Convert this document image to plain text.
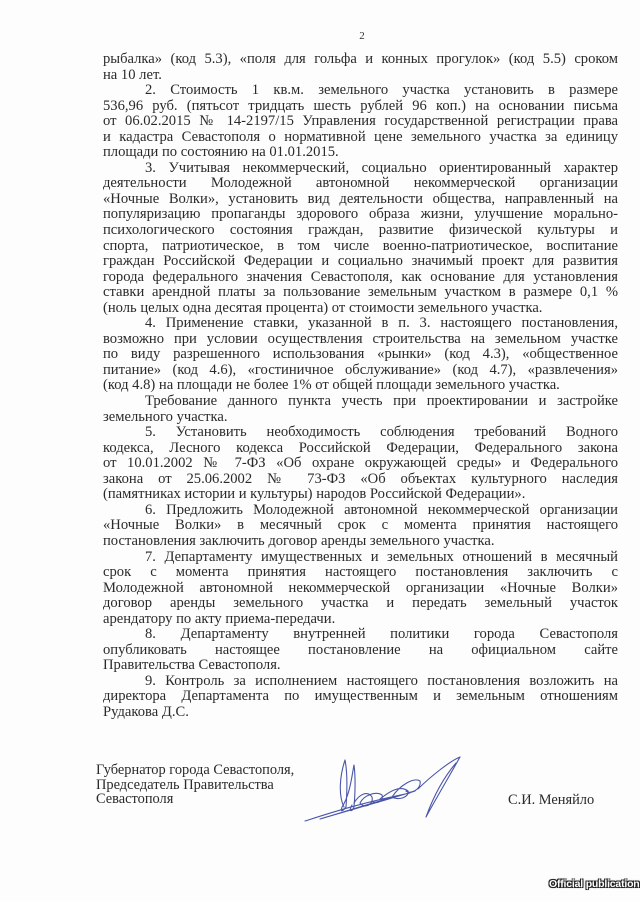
2
рыбалка» (код 5.3), «поля для гольфа и конных прогулок» (код 5.5) сроком
на 10 лет.
2. Стоимость 1 кв.м. земельного участка установить в размере
536,96 руб. (пятьсот тридцать шесть рублей 96 коп.) на основании письма
от 06.02.2015 № 14-2197/15 Управления государственной регистрации права
и кадастра Севастополя о нормативной цене земельного участка за единицу
площади по состоянию на 01.01.2015.
3. Учитывая некоммерческий, социально ориентированный характер
деятельности Молодежной автономной некоммерческой организации
«Ночные Волки», установить вид деятельности общества, направленный на
популяризацию пропаганды здорового образа жизни, улучшение морально-
психологического состояния граждан, развитие физической культуры и
спорта, патриотическое, в том числе военно-патриотическое, воспитание
граждан Российской Федерации и социально значимый проект для развития
города федерального значения Севастополя, как основание для установления
ставки арендной платы за пользование земельным участком в размере 0,1 %
(ноль целых одна десятая процента) от стоимости земельного участка.
4. Применение ставки, указанной в п. 3. настоящего постановления,
возможно при условии осуществления строительства на земельном участке
по виду разрешенного использования «рынки» (код 4.3), «общественное
питание» (код 4.6), «гостиничное обслуживание» (код 4.7), «развлечения»
(код 4.8) на площади не более 1% от общей площади земельного участка.
Требование данного пункта учесть при проектировании и застройке
земельного участка.
5. Установить необходимость соблюдения требований Водного
кодекса, Лесного кодекса Российской Федерации, Федерального закона
от 10.01.2002 № 7-ФЗ «Об охране окружающей среды» и Федерального
закона от 25.06.2002 № 73-ФЗ «Об объектах культурного наследия
(памятниках истории и культуры) народов Российской Федерации».
6. Предложить Молодежной автономной некоммерческой организации
«Ночные Волки» в месячный срок с момента принятия настоящего
постановления заключить договор аренды земельного участка.
7. Департаменту имущественных и земельных отношений в месячный
срок с момента принятия настоящего постановления заключить с
Молодежной автономной некоммерческой организации «Ночные Волки»
договор аренды земельного участка и передать земельный участок
арендатору по акту приема-передачи.
8. Департаменту внутренней политики города Севастополя
опубликовать настоящее постановление на официальном сайте
Правительства Севастополя.
9. Контроль за исполнением настоящего постановления возложить на
директора Департамента по имущественным и земельным отношениям
Рудакова Д.С.
Губернатор города Севастополя,
Председатель Правительства
Севастополя	С.И. Меняйло
Official publication
